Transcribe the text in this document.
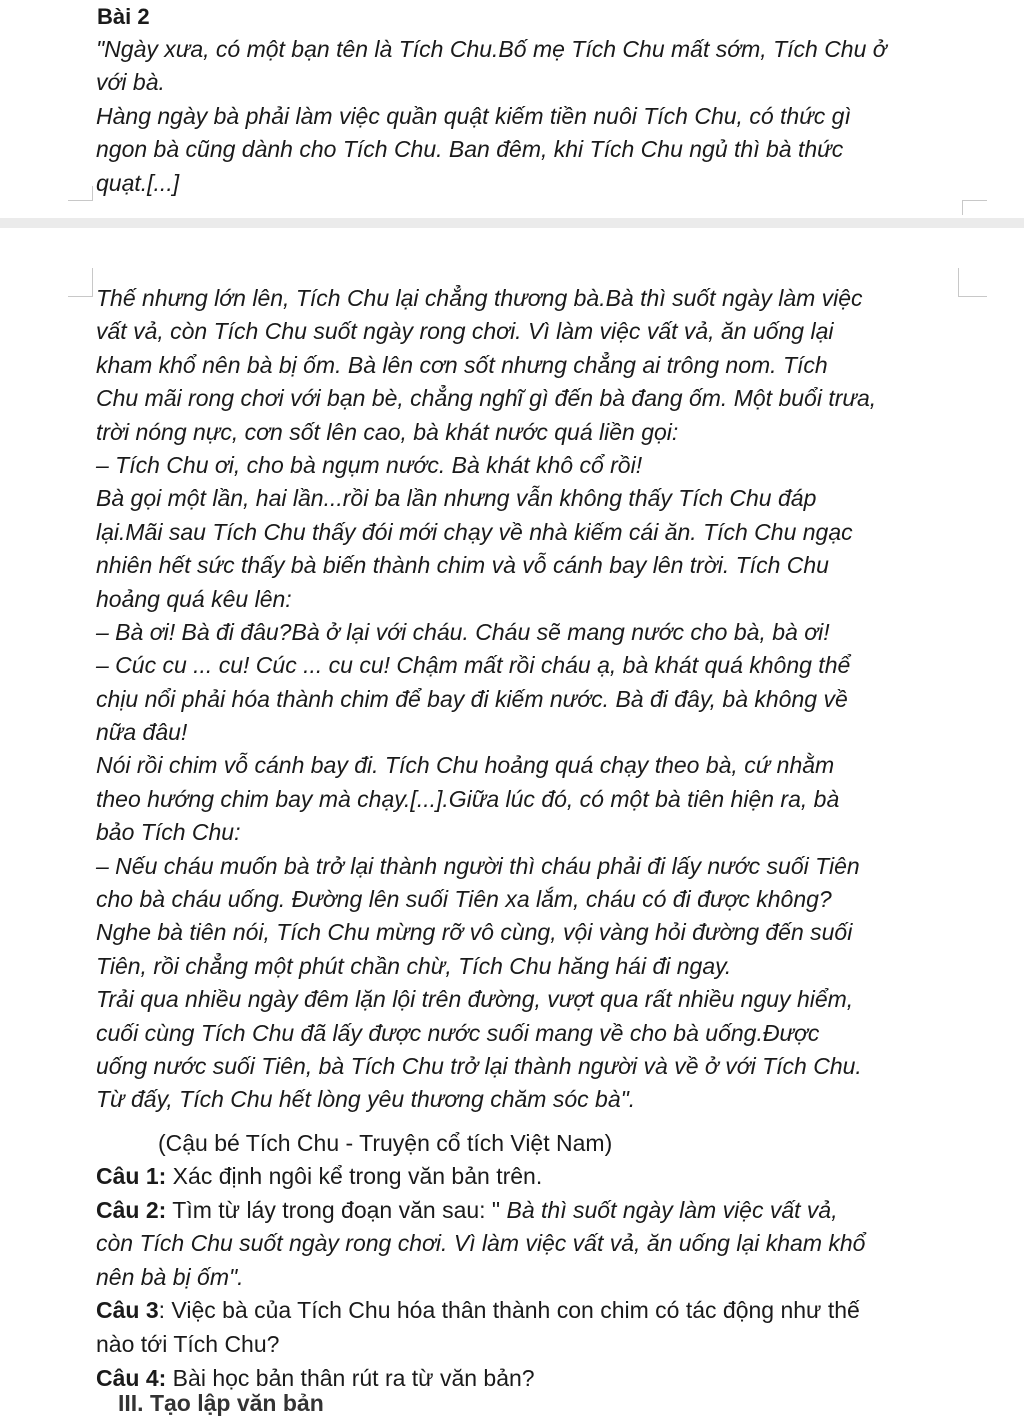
Bài 2
"Ngày xưa, có một bạn tên là Tích Chu.Bố mẹ Tích Chu mất sớm, Tích Chu ở
với bà.
Hàng ngày bà phải làm việc quần quật kiếm tiền nuôi Tích Chu, có thức gì
ngon bà cũng dành cho Tích Chu. Ban đêm, khi Tích Chu ngủ thì bà thức
quạt.[...]
Thế nhưng lớn lên, Tích Chu lại chẳng thương bà.Bà thì suốt ngày làm việc
vất vả, còn Tích Chu suốt ngày rong chơi. Vì làm việc vất vả, ăn uống lại
kham khổ nên bà bị ốm. Bà lên cơn sốt nhưng chẳng ai trông nom. Tích
Chu mãi rong chơi với bạn bè, chẳng nghĩ gì đến bà đang ốm. Một buổi trưa,
trời nóng nực, cơn sốt lên cao, bà khát nước quá liền gọi:
– Tích Chu ơi, cho bà ngụm nước. Bà khát khô cổ rồi!
Bà gọi một lần, hai lần...rồi ba lần nhưng vẫn không thấy Tích Chu đáp
lại.Mãi sau Tích Chu thấy đói mới chạy về nhà kiếm cái ăn. Tích Chu ngạc
nhiên hết sức thấy bà biến thành chim và vỗ cánh bay lên trời. Tích Chu
hoảng quá kêu lên:
– Bà ơi! Bà đi đâu?Bà ở lại với cháu. Cháu sẽ mang nước cho bà, bà ơi!
– Cúc cu ... cu! Cúc ... cu cu! Chậm mất rồi cháu ạ, bà khát quá không thể
chịu nổi phải hóa thành chim để bay đi kiếm nước. Bà đi đây, bà không về
nữa đâu!
Nói rồi chim vỗ cánh bay đi. Tích Chu hoảng quá chạy theo bà, cứ nhằm
theo hướng chim bay mà chạy.[...].Giữa lúc đó, có một bà tiên hiện ra, bà
bảo Tích Chu:
– Nếu cháu muốn bà trở lại thành người thì cháu phải đi lấy nước suối Tiên
cho bà cháu uống. Đường lên suối Tiên xa lắm, cháu có đi được không?
Nghe bà tiên nói, Tích Chu mừng rỡ vô cùng, vội vàng hỏi đường đến suối
Tiên, rồi chẳng một phút chần chừ, Tích Chu hăng hái đi ngay.
Trải qua nhiều ngày đêm lặn lội trên đường, vượt qua rất nhiều nguy hiểm,
cuối cùng Tích Chu đã lấy được nước suối mang về cho bà uống.Được
uống nước suối Tiên, bà Tích Chu trở lại thành người và về ở với Tích Chu.
Từ đấy, Tích Chu hết lòng yêu thương chăm sóc bà".
(Cậu bé Tích Chu - Truyện cổ tích Việt Nam)
Câu 1: Xác định ngôi kể trong văn bản trên.
Câu 2: Tìm từ láy trong đoạn văn sau: " Bà thì suốt ngày làm việc vất vả,
còn Tích Chu suốt ngày rong chơi. Vì làm việc vất vả, ăn uống lại kham khổ
nên bà bị ốm".
Câu 3: Việc bà của Tích Chu hóa thân thành con chim có tác động như thế
nào tới Tích Chu?
Câu 4: Bài học bản thân rút ra từ văn bản?
III. Tạo lập văn bản
